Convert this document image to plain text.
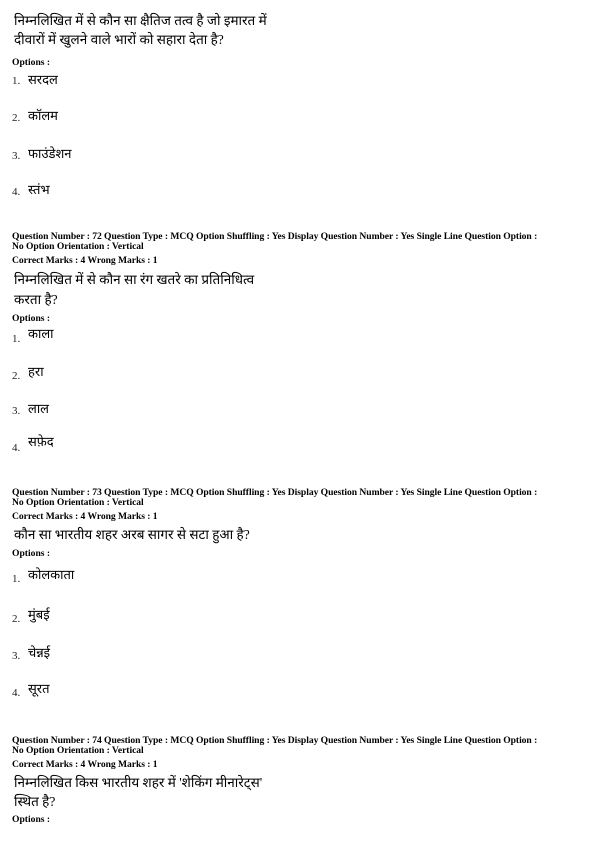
निम्नलिखित में से कौन सा क्षैतिज तत्व है जो इमारत में
दीवारों में खुलने वाले भारों को सहारा देता है?
Options :
1. सरदल
2. कॉलम
3. फाउंडेशन
4. स्तंभ
Question Number : 72 Question Type : MCQ Option Shuffling : Yes Display Question Number : Yes Single Line Question Option :
No Option Orientation : Vertical
Correct Marks : 4 Wrong Marks : 1
निम्नलिखित में से कौन सा रंग खतरे का प्रतिनिधित्व
करता है?
Options :
1. काला
2. हरा
3. लाल
4. सफ़ेद
Question Number : 73 Question Type : MCQ Option Shuffling : Yes Display Question Number : Yes Single Line Question Option :
No Option Orientation : Vertical
Correct Marks : 4 Wrong Marks : 1
कौन सा भारतीय शहर अरब सागर से सटा हुआ है?
Options :
1. कोलकाता
2. मुंबई
3. चेन्नई
4. सूरत
Question Number : 74 Question Type : MCQ Option Shuffling : Yes Display Question Number : Yes Single Line Question Option :
No Option Orientation : Vertical
Correct Marks : 4 Wrong Marks : 1
निम्नलिखित किस भारतीय शहर में 'शेकिंग मीनारेट्स'
स्थित है?
Options :
